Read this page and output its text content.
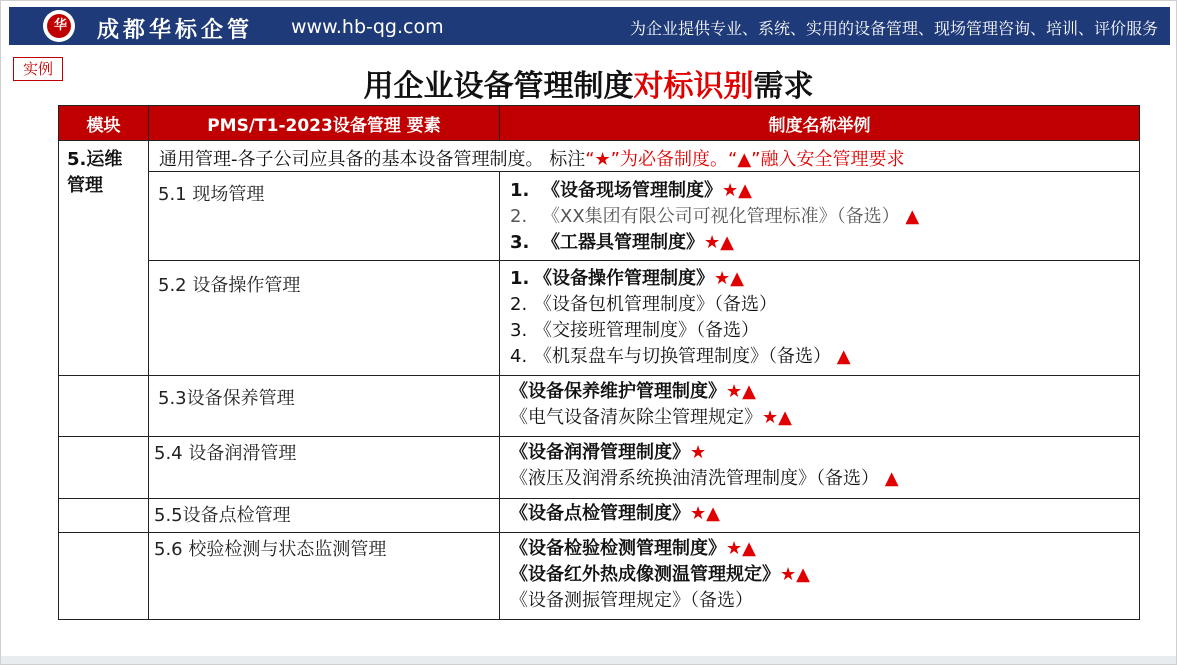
华 成都华标企管 www.hb-qg.com	为企业提供专业、系统、实用的设备管理、现场管理咨询、培训、评价服务
实例	用企业设备管理制度对标识别需求
模块	PMS/T1-2023设备管理 要素	制度名称举例

5.运维
管理	通用管理-各子公司应具备的基本设备管理制度。 标注“★”为必备制度。“▲”融入安全管理要求	
	5.1 现场管理	1. 《设备现场管理制度》★▲
2. 《XX集团有限公司可视化管理标准》（备选） ▲
3. 《工器具管理制度》★▲

	5.2 设备操作管理	1. 《设备操作管理制度》★▲
2. 《设备包机管理制度》（备选）
3. 《交接班管理制度》（备选）
4. 《机泵盘车与切换管理制度》（备选） ▲

	5.3设备保养管理	《设备保养维护管理制度》★▲
《电气设备清灰除尘管理规定》★▲

	5.4 设备润滑管理	《设备润滑管理制度》★
《液压及润滑系统换油清洗管理制度》（备选） ▲

	5.5设备点检管理	《设备点检管理制度》★▲

	5.6 校验检测与状态监测管理	《设备检验检测管理制度》★▲
《设备红外热成像测温管理规定》★▲
《设备测振管理规定》（备选）
